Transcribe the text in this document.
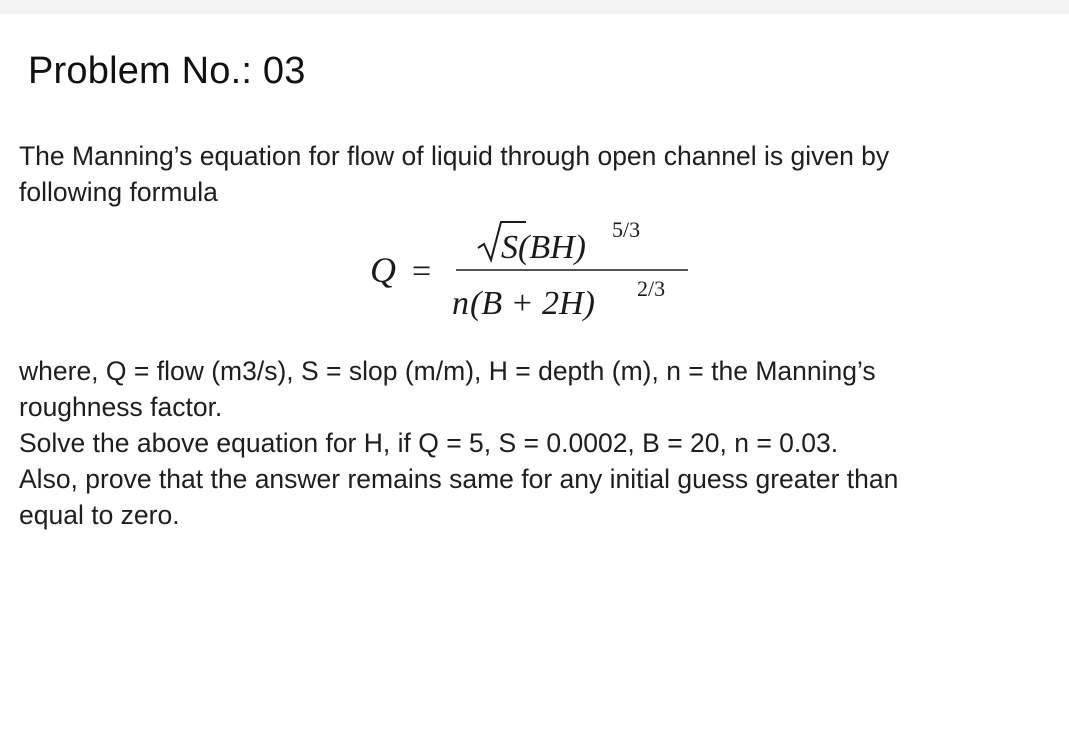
Problem No.: 03

The Manning’s equation for flow of liquid through open channel is given by
following formula

Q =
S(BH) 5/3
n (B + 2H) 2/3

where, Q = flow (m3/s), S = slop (m/m), H = depth (m), n = the Manning’s
roughness factor.
Solve the above equation for H, if Q = 5, S = 0.0002, B = 20, n = 0.03.
Also, prove that the answer remains same for any initial guess greater than
equal to zero.
